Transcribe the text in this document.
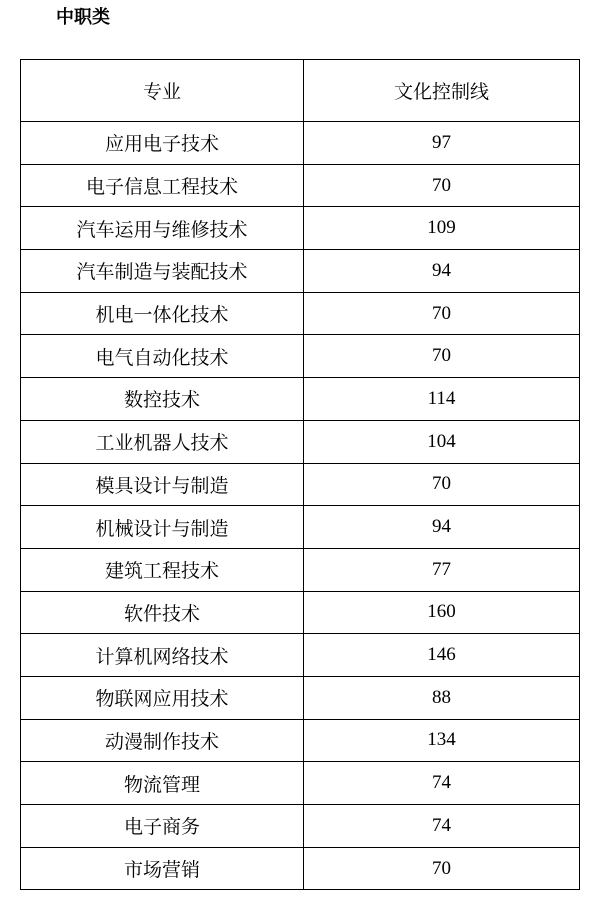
中职类
专业	文化控制线
应用电子技术	97
电子信息工程技术	70
汽车运用与维修技术	109
汽车制造与装配技术	94
机电一体化技术	70
电气自动化技术	70
数控技术	114
工业机器人技术	104
模具设计与制造	70
机械设计与制造	94
建筑工程技术	77
软件技术	160
计算机网络技术	146
物联网应用技术	88
动漫制作技术	134
物流管理	74
电子商务	74
市场营销	70
